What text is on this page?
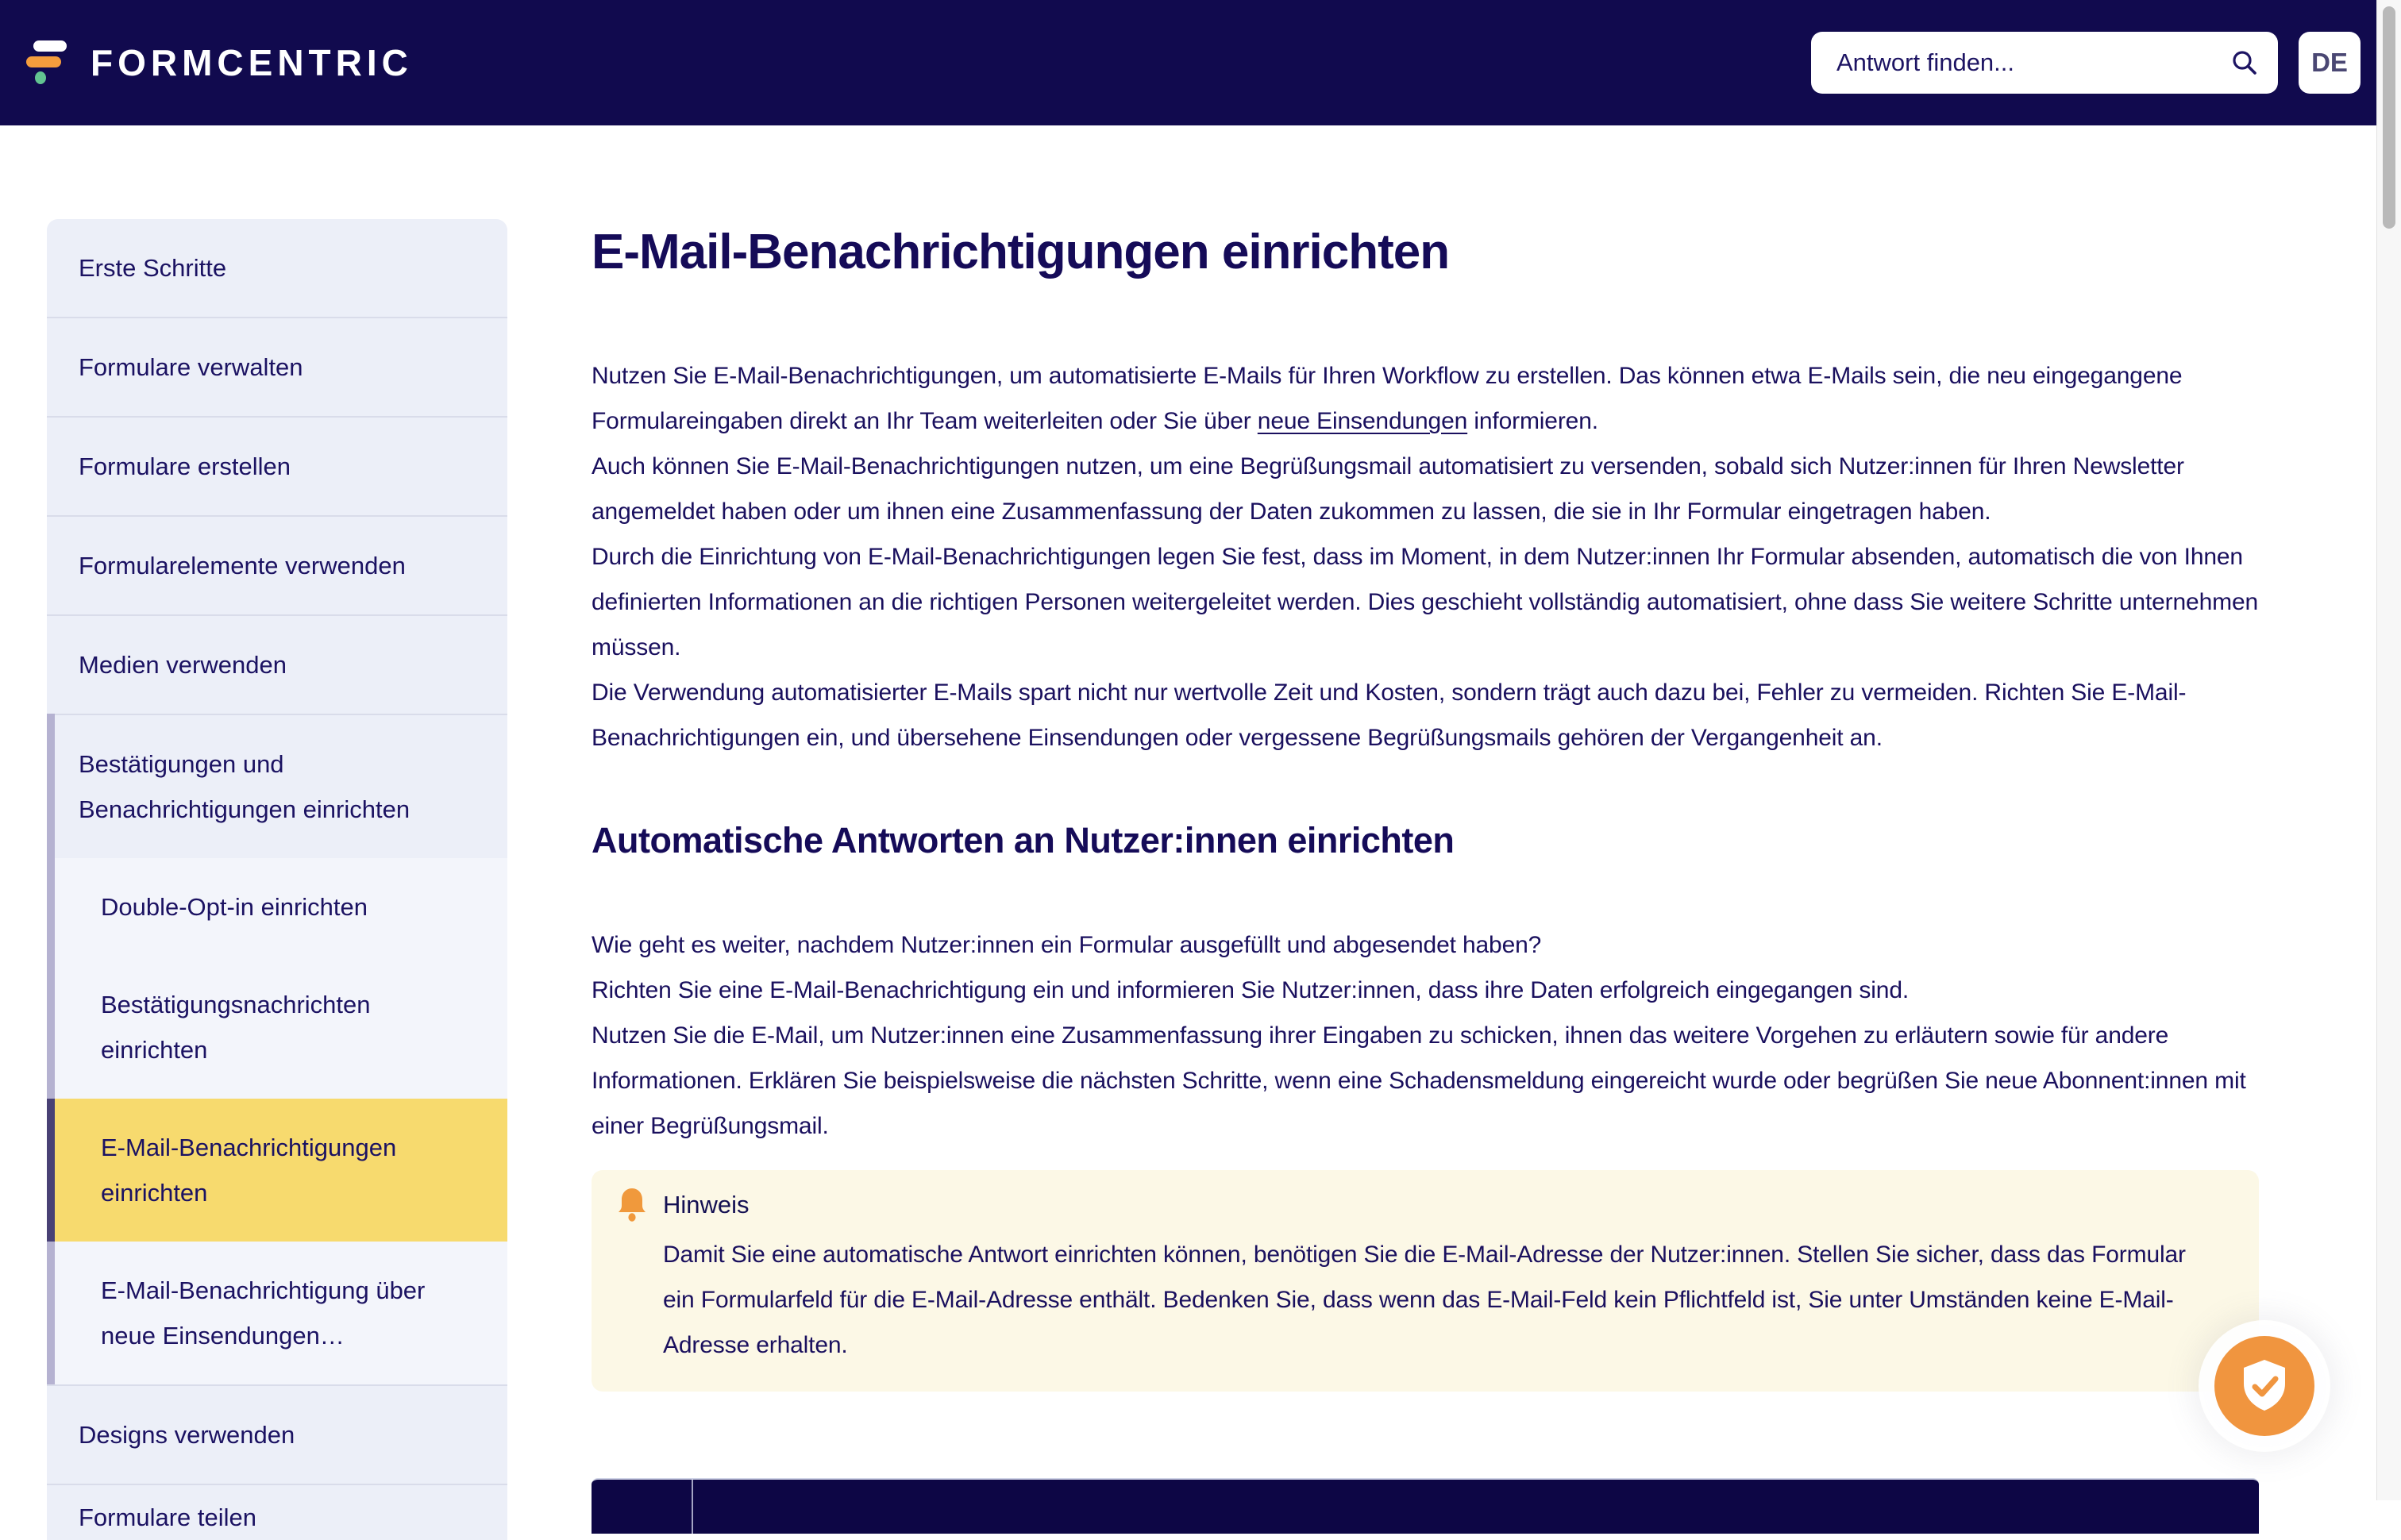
FORMCENTRIC
Antwort finden...	DE
Erste Schritte
Formulare verwalten
Formulare erstellen
Formularelemente verwenden
Medien verwenden
Bestätigungen und Benachrichtigungen einrichten
Double-Opt-in einrichten
Bestätigungsnachrichten einrichten
E-Mail-Benachrichtigungen einrichten
E-Mail-Benachrichtigung über neue Einsendungen…
Designs verwenden
Formulare teilen
E-Mail-Benachrichtigungen einrichten
Nutzen Sie E-Mail-Benachrichtigungen, um automatisierte E-Mails für Ihren Workflow zu erstellen. Das können etwa E-Mails sein, die neu eingegangene Formulareingaben direkt an Ihr Team weiterleiten oder Sie über neue Einsendungen informieren.
Auch können Sie E-Mail-Benachrichtigungen nutzen, um eine Begrüßungsmail automatisiert zu versenden, sobald sich Nutzer:innen für Ihren Newsletter angemeldet haben oder um ihnen eine Zusammenfassung der Daten zukommen zu lassen, die sie in Ihr Formular eingetragen haben.
Durch die Einrichtung von E-Mail-Benachrichtigungen legen Sie fest, dass im Moment, in dem Nutzer:innen Ihr Formular absenden, automatisch die von Ihnen definierten Informationen an die richtigen Personen weitergeleitet werden. Dies geschieht vollständig automatisiert, ohne dass Sie weitere Schritte unternehmen müssen.
Die Verwendung automatisierter E-Mails spart nicht nur wertvolle Zeit und Kosten, sondern trägt auch dazu bei, Fehler zu vermeiden. Richten Sie E-Mail-Benachrichtigungen ein, und übersehene Einsendungen oder vergessene Begrüßungsmails gehören der Vergangenheit an.
Automatische Antworten an Nutzer:innen einrichten
Wie geht es weiter, nachdem Nutzer:innen ein Formular ausgefüllt und abgesendet haben?
Richten Sie eine E-Mail-Benachrichtigung ein und informieren Sie Nutzer:innen, dass ihre Daten erfolgreich eingegangen sind.
Nutzen Sie die E-Mail, um Nutzer:innen eine Zusammenfassung ihrer Eingaben zu schicken, ihnen das weitere Vorgehen zu erläutern sowie für andere Informationen. Erklären Sie beispielsweise die nächsten Schritte, wenn eine Schadensmeldung eingereicht wurde oder begrüßen Sie neue Abonnent:innen mit einer Begrüßungsmail.
Hinweis

Damit Sie eine automatische Antwort einrichten können, benötigen Sie die E-Mail-Adresse der Nutzer:innen. Stellen Sie sicher, dass das Formular ein Formularfeld für die E-Mail-Adresse enthält. Bedenken Sie, dass wenn das E-Mail-Feld kein Pflichtfeld ist, Sie unter Umständen keine E-Mail-Adresse erhalten.
